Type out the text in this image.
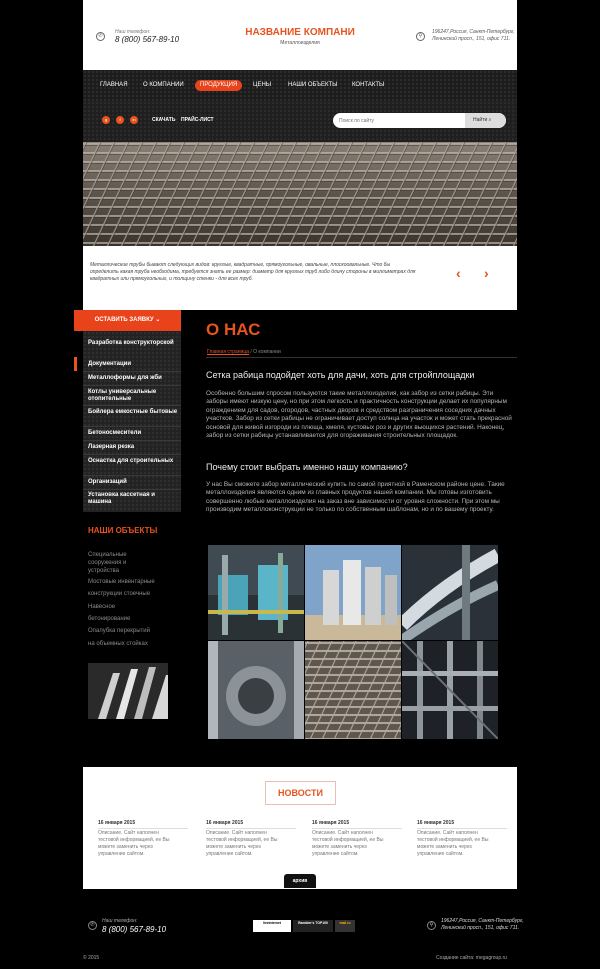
✆
Наш телефон:
8 (800) 567-89-10
НАЗВАНИЕ КОМПАНИ
Металлоизделия
⚲
196247,Россия, Санкт-Петербург,
Ленинский просп., 151, офис 711.
ГЛАВНАЯ	О КОМПАНИИ	ПРОДУКЦИЯ	ЦЕНЫ	НАШИ ОБЪЕКТЫ КОНТАКТЫ
g	f	in	СКАЧАТЬ ПРАЙС-ЛИСТ
Поиск по сайту	Найти ⌕
Металлические трубы бывают следующих видов: круглые, квадратные, прямоугольные, овальные, плоскоовальные. Что бы определить какая труба необходима, требуется знать ее размер: диаметр для круглых труб либо длину стороны в миллиметрах для квадратных или прямоугольных, и толщину стенки - для всех труб.	‹ ›
ОСТАВИТЬ ЗАЯВКУ ⌄
Разработка конструкторской
Документации
Металлоформы для жби
Котлы универсальные отопительные
Бойлера емкостные бытовые
Бетоносмесители
Лазерная резка
Оснастка для строительных
Организаций
Установка кассетная и машина
НАШИ ОБЪЕКТЫ
Специальные
сооружения и
устройства
Мостовые инвентарные
конструкции стоечные
Навесное
бетонирование
Опалубка перекрытий
на объемных стойках
О НАС
Главная страница / О компании
Сетка рабица подойдет хоть для дачи, хоть для стройплощадки
Особенно большим спросом пользуются такие металлоизделия, как забор из сетки рабицы. Эти заборы имеют низкую цену, но при этом легкость и практичность конструкции делает их популярным ограждением для садов, огородов, частных дворов и средством разграничения соседних дачных участков. Забор из сетки рабицы не ограничивает доступ солнца на участок и может стать прекрасной основой для живой изгороди из плюща, хмеля, кустовых роз и других вьющихся растений. Наконец, забор из сетки рабицы устанавливается для огораживания строительных площадок.
Почему стоит выбрать именно нашу компанию?
У нас Вы сможете забор металлический купить по самой приятной в Раменском районе цене. Такие металлоизделия являются одним из главных продуктов нашей компании. Мы готовы изготовить совершенно любые металлоизделия на заказ вне зависимости от уровня сложности. При этом мы производим металлоконструкции не только по собственным шаблонам, но и по вашему проекту.
НОВОСТИ
16 января 2015
Описание. Сайт наполнен тестовой информацией, ее Вы можете заменить через управление сайтом.
16 января 2015
Описание. Сайт наполнен тестовой информацией, ее Вы можете заменить через управление сайтом.
16 января 2015
Описание. Сайт наполнен тестовой информацией, ее Вы можете заменить через управление сайтом.
16 января 2015
Описание. Сайт наполнен тестовой информацией, ее Вы можете заменить через управление сайтом.
архив
✆
Наш телефон:
8 (800) 567-89-10
liveinternet	Rambler's TOP100	mail.ru	⚲
196247,Россия, Санкт-Петербург,
Ленинский просп., 151, офис 711.
© 2015	Создание сайта: megagroup.ru
